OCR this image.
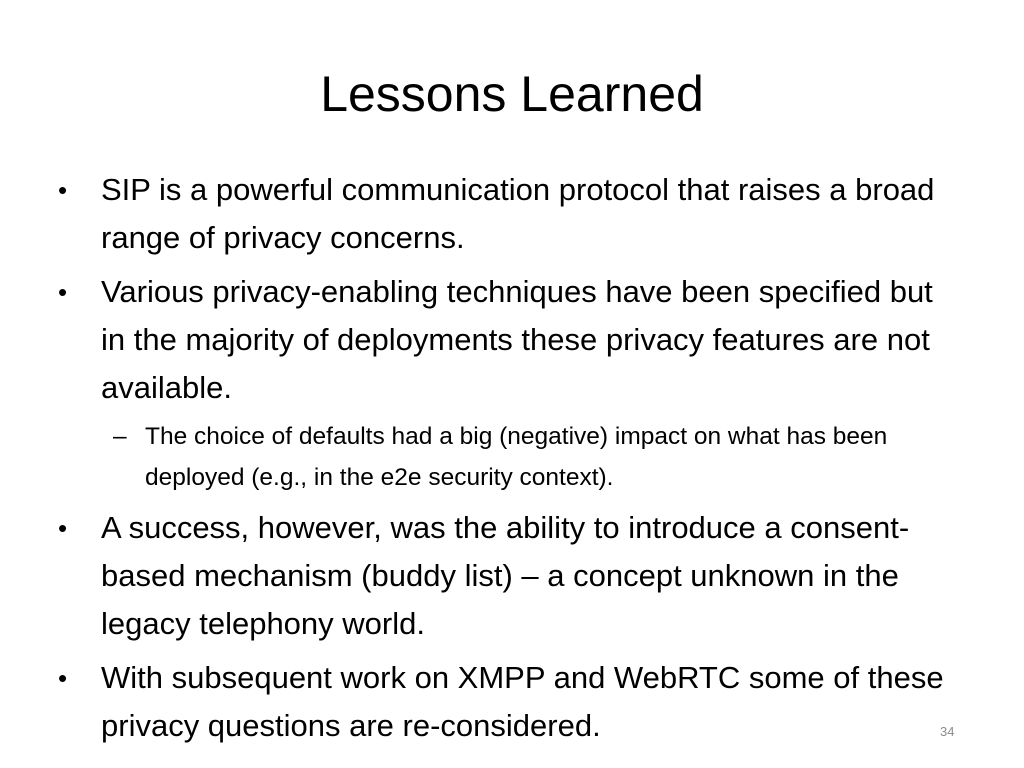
Lessons Learned
•	SIP is a powerful communication protocol that raises a broad range of privacy concerns.
•	Various privacy-enabling techniques have been specified but in the majority of deployments these privacy features are not available.
– The choice of defaults had a big (negative) impact on what has been deployed (e.g., in the e2e security context).
•	A success, however, was the ability to introduce a consent-based mechanism (buddy list) – a concept unknown in the legacy telephony world.
•	With subsequent work on XMPP and WebRTC some of these privacy questions are re-considered.	34
